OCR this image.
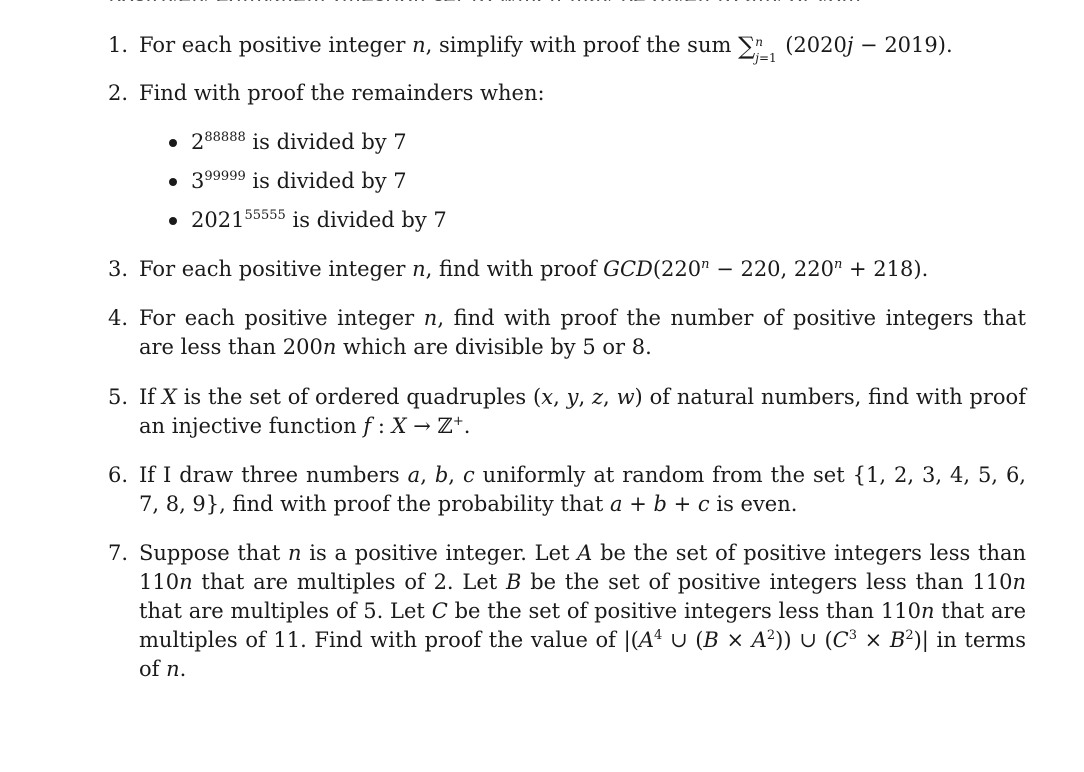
1. For each positive integer n, simplify with proof the sum ∑ n
j=1
(2020j − 2019).
2. Find with proof the remainders when:
$2^{88888}$ is divided by 7
$3^{99999}$ is divided by 7
$2021^{55555}$ is divided by 7
3. For each positive integer n, find with proof $GCD(220^n - 220$, $220^n + 218$).
4. For each positive integer n, find with proof the number of positive integers that are less than 200n which are divisible by 5 or 8.
5. If X is the set of ordered quadruples (x, y, z, w) of natural numbers, find with proof an injective function f : X → ℤ+.
6. If I draw three numbers a, b, c uniformly at random from the set {1, 2, 3, 4, 5, 6, 7, 8, 9}, find with proof the probability that a + b + c is even.
7. Suppose that n is a positive integer. Let A be the set of positive integers less than 110n that are multiples of 2. Let B be the set of positive integers less than 110n that are multiples of 5. Let C be the set of positive integers less than 110n that are multiples of 11. Find with proof the value of $|(A^4$ ∪ $(B \times A^2)$) ∪ $(C^3 \times B^2)|$ in terms of n.
